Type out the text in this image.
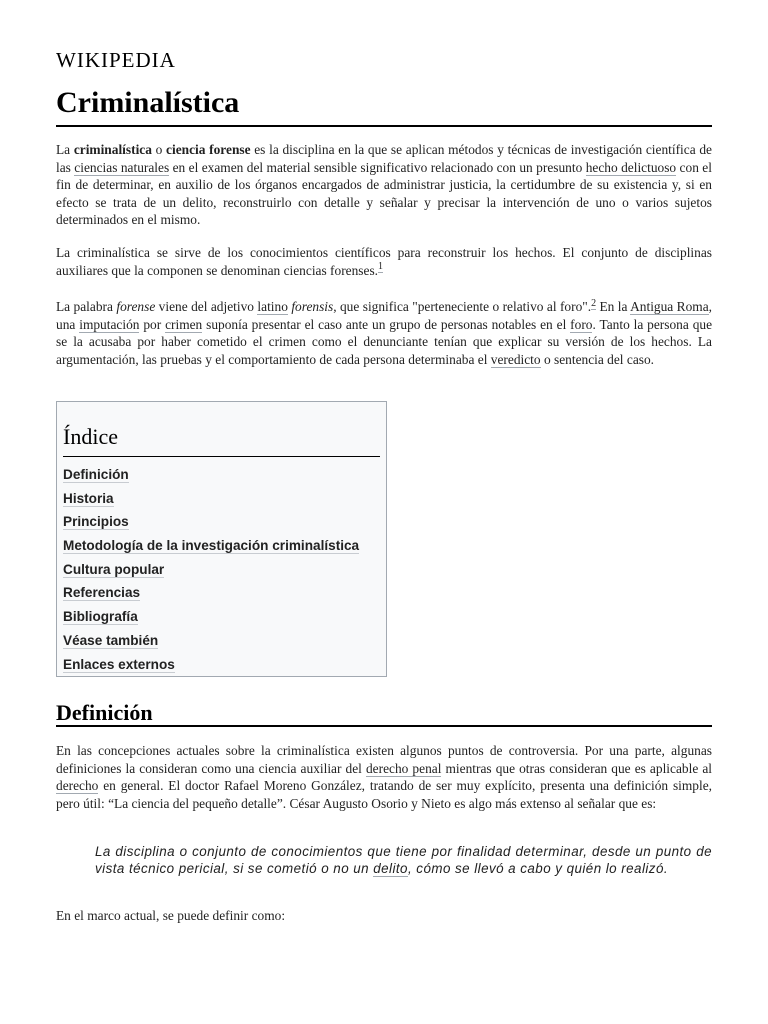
WIKIPEDIA
Criminalística

La criminalística o ciencia forense es la disciplina en la que se aplican métodos y técnicas de investigación científica de las ciencias naturales en el examen del material sensible significativo relacionado con un presunto hecho delictuoso con el fin de determinar, en auxilio de los órganos encargados de administrar justicia, la certidumbre de su existencia y, si en efecto se trata de un delito, reconstruirlo con detalle y señalar y precisar la intervención de uno o varios sujetos determinados en el mismo.

La criminalística se sirve de los conocimientos científicos para reconstruir los hechos. El conjunto de disciplinas auxiliares que la componen se denominan ciencias forenses.$^1$

La palabra forense viene del adjetivo latino forensis, que significa "perteneciente o relativo al foro".$^2$ En la Antigua Roma, una imputación por crimen suponía presentar el caso ante un grupo de personas notables en el foro. Tanto la persona que se la acusaba por haber cometido el crimen como el denunciante tenían que explicar su versión de los hechos. La argumentación, las pruebas y el comportamiento de cada persona determinaba el veredicto o sentencia del caso.

Índice
Definición
Historia
Principios
Metodología de la investigación criminalística
Cultura popular
Referencias
Bibliografía
Véase también
Enlaces externos
Definición

En las concepciones actuales sobre la criminalística existen algunos puntos de controversia. Por una parte, algunas definiciones la consideran como una ciencia auxiliar del derecho penal mientras que otras consideran que es aplicable al derecho en general. El doctor Rafael Moreno González, tratando de ser muy explícito, presenta una definición simple, pero útil: “La ciencia del pequeño detalle”. César Augusto Osorio y Nieto es algo más extenso al señalar que es:

La disciplina o conjunto de conocimientos que tiene por finalidad determinar, desde un punto de vista técnico pericial, si se cometió o no un delito, cómo se llevó a cabo y quién lo realizó.

En el marco actual, se puede definir como:
